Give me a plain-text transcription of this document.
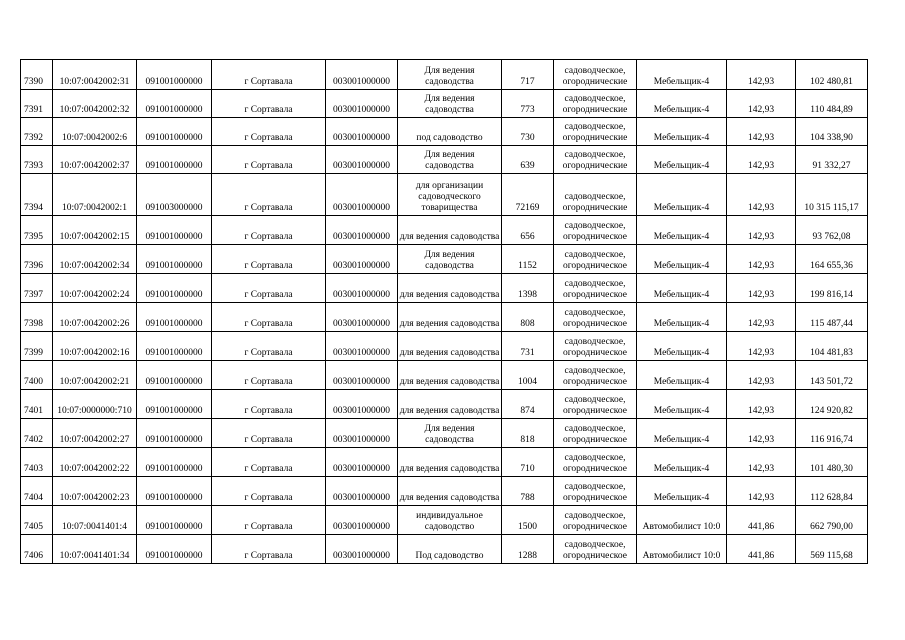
7390	10:07:0042002:31	091001000000	г Сортавала	003001000000	Для ведения садоводства	717	садоводческое, огороднические	Мебельщик-4	142,93	102 480,81
7391	10:07:0042002:32	091001000000	г Сортавала	003001000000	Для ведения садоводства	773	садоводческое, огороднические	Мебельщик-4	142,93	110 484,89
7392	10:07:0042002:6	091001000000	г Сортавала	003001000000	под садоводство	730	садоводческое, огороднические	Мебельщик-4	142,93	104 338,90
7393	10:07:0042002:37	091001000000	г Сортавала	003001000000	Для ведения садоводства	639	садоводческое, огороднические	Мебельщик-4	142,93	91 332,27
7394	10:07:0042002:1	091003000000	г Сортавала	003001000000	для организации садоводческого товарищества	72169	садоводческое, огороднические	Мебельщик-4	142,93	10 315 115,17
7395	10:07:0042002:15	091001000000	г Сортавала	003001000000	для ведения садоводства	656	садоводческое, огородническое	Мебельщик-4	142,93	93 762,08
7396	10:07:0042002:34	091001000000	г Сортавала	003001000000	Для ведения садоводства	1152	садоводческое, огородническое	Мебельщик-4	142,93	164 655,36
7397	10:07:0042002:24	091001000000	г Сортавала	003001000000	для ведения садоводства	1398	садоводческое, огородническое	Мебельщик-4	142,93	199 816,14
7398	10:07:0042002:26	091001000000	г Сортавала	003001000000	для ведения садоводства	808	садоводческое, огородническое	Мебельщик-4	142,93	115 487,44
7399	10:07:0042002:16	091001000000	г Сортавала	003001000000	для ведения садоводства	731	садоводческое, огородническое	Мебельщик-4	142,93	104 481,83
7400	10:07:0042002:21	091001000000	г Сортавала	003001000000	для ведения садоводства	1004	садоводческое, огородническое	Мебельщик-4	142,93	143 501,72
7401	10:07:0000000:710	091001000000	г Сортавала	003001000000	для ведения садоводства	874	садоводческое, огородническое	Мебельщик-4	142,93	124 920,82
7402	10:07:0042002:27	091001000000	г Сортавала	003001000000	Для ведения садоводства	818	садоводческое, огородническое	Мебельщик-4	142,93	116 916,74
7403	10:07:0042002:22	091001000000	г Сортавала	003001000000	для ведения садоводства	710	садоводческое, огородническое	Мебельщик-4	142,93	101 480,30
7404	10:07:0042002:23	091001000000	г Сортавала	003001000000	для ведения садоводства	788	садоводческое, огородническое	Мебельщик-4	142,93	112 628,84
7405	10:07:0041401:4	091001000000	г Сортавала	003001000000	индивидуальное садоводство	1500	садоводческое, огородническое	Автомобилист 10:0	441,86	662 790,00
7406	10:07:0041401:34	091001000000	г Сортавала	003001000000	Под садоводство	1288	садоводческое, огородническое	Автомобилист 10:0	441,86	569 115,68
